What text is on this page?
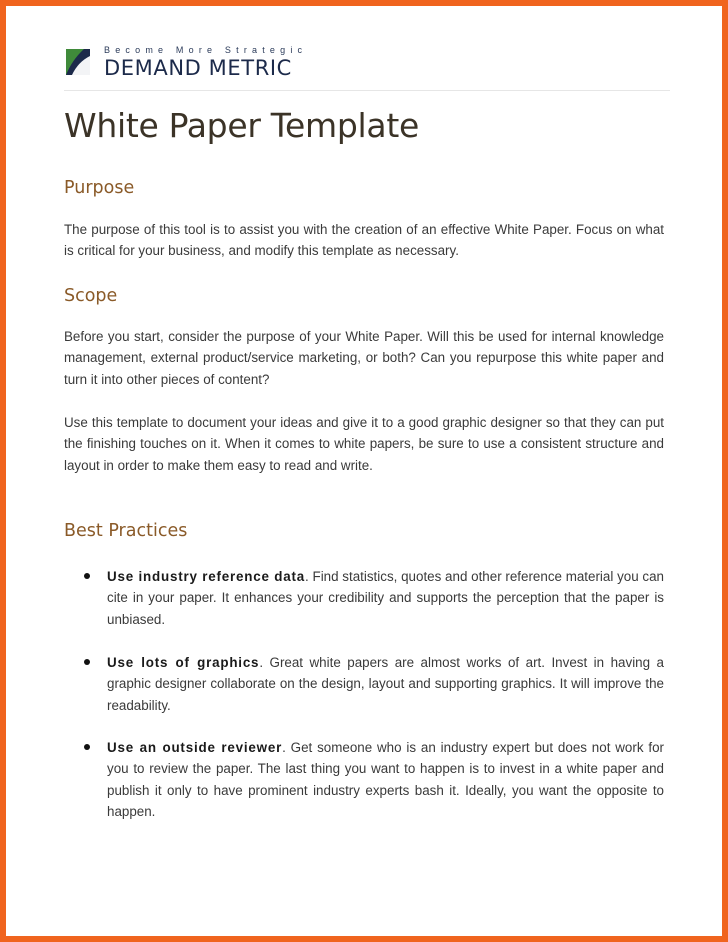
Become More Strategic
DEMAND METRIC
White Paper Template
Purpose

The purpose of this tool is to assist you with the creation of an effective White Paper. Focus on what is critical for your business, and modify this template as necessary.

Scope

Before you start, consider the purpose of your White Paper. Will this be used for internal knowledge management, external product/service marketing, or both? Can you repurpose this white paper and turn it into other pieces of content?

Use this template to document your ideas and give it to a good graphic designer so that they can put the finishing touches on it. When it comes to white papers, be sure to use a consistent structure and layout in order to make them easy to read and write.

Best Practices
Use industry reference data. Find statistics, quotes and other reference material you can cite in your paper. It enhances your credibility and supports the perception that the paper is unbiased.
Use lots of graphics. Great white papers are almost works of art. Invest in having a graphic designer collaborate on the design, layout and supporting graphics. It will improve the readability.
Use an outside reviewer. Get someone who is an industry expert but does not work for you to review the paper. The last thing you want to happen is to invest in a white paper and publish it only to have prominent industry experts bash it. Ideally, you want the opposite to happen.
